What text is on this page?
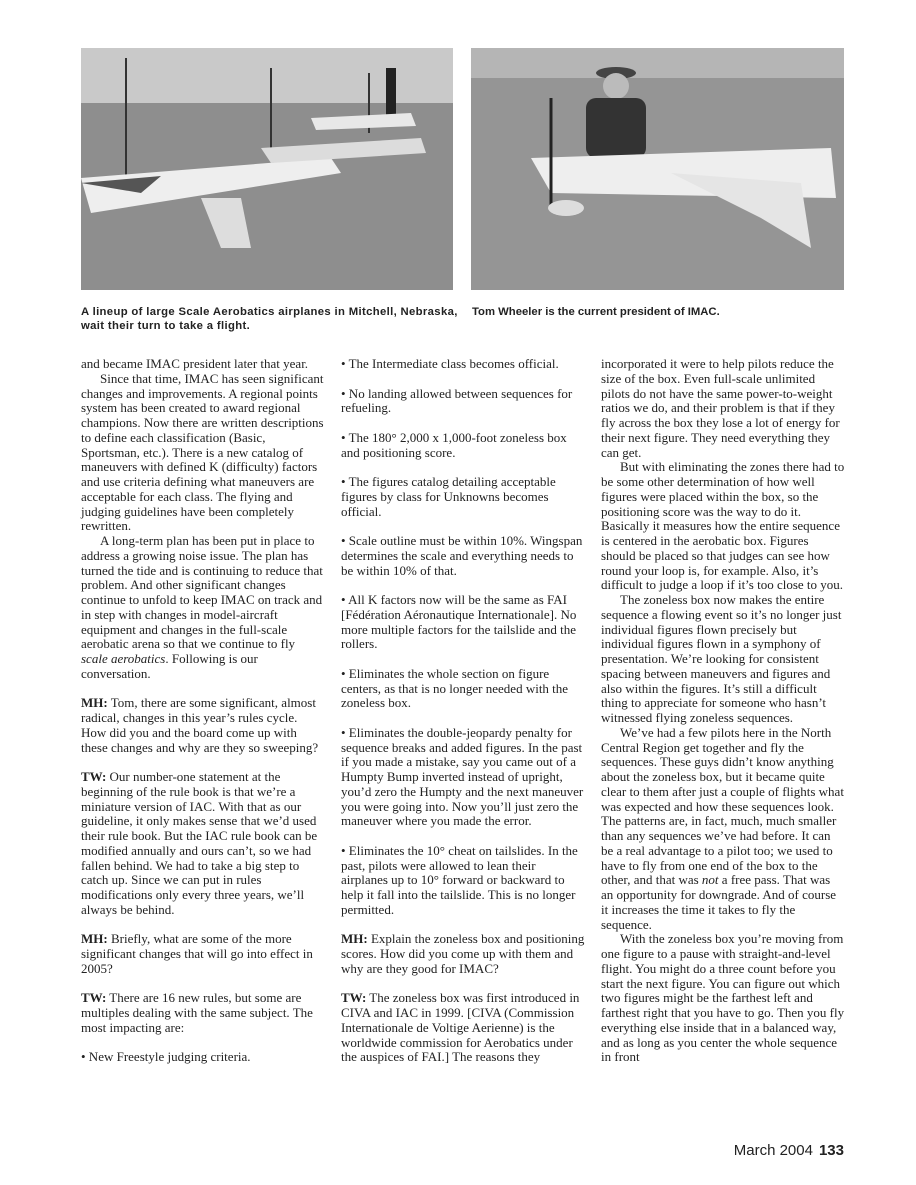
A lineup of large Scale Aerobatics airplanes in Mitchell, Nebraska, wait their turn to take a flight.
Tom Wheeler is the current president of IMAC.

and became IMAC president later that year.

Since that time, IMAC has seen significant changes and improvements. A regional points system has been created to award regional champions. Now there are written descriptions to define each classification (Basic, Sportsman, etc.). There is a new catalog of maneuvers with defined K (difficulty) factors and use criteria defining what maneuvers are acceptable for each class. The flying and judging guidelines have been completely rewritten.

A long-term plan has been put in place to address a growing noise issue. The plan has turned the tide and is continuing to reduce that problem. And other significant changes continue to unfold to keep IMAC on track and in step with changes in model-aircraft equipment and changes in the full-scale aerobatic arena so that we continue to fly scale aerobatics. Following is our conversation.

MH: Tom, there are some significant, almost radical, changes in this year’s rules cycle. How did you and the board come up with these changes and why are they so sweeping?

TW: Our number-one statement at the beginning of the rule book is that we’re a miniature version of IAC. With that as our guideline, it only makes sense that we’d used their rule book. But the IAC rule book can be modified annually and ours can’t, so we had fallen behind. We had to take a big step to catch up. Since we can put in rules modifications only every three years, we’ll always be behind.

MH: Briefly, what are some of the more significant changes that will go into effect in 2005?

TW: There are 16 new rules, but some are multiples dealing with the same subject. The most impacting are:

• New Freestyle judging criteria.

• The Intermediate class becomes official.

• No landing allowed between sequences for refueling.

• The 180° 2,000 x 1,000-foot zoneless box and positioning score.

• The figures catalog detailing acceptable figures by class for Unknowns becomes official.

• Scale outline must be within 10%. Wingspan determines the scale and everything needs to be within 10% of that.

• All K factors now will be the same as FAI [Fédération Aéronautique Internationale]. No more multiple factors for the tailslide and the rollers.

• Eliminates the whole section on figure centers, as that is no longer needed with the zoneless box.

• Eliminates the double-jeopardy penalty for sequence breaks and added figures. In the past if you made a mistake, say you came out of a Humpty Bump inverted instead of upright, you’d zero the Humpty and the next maneuver you were going into. Now you’ll just zero the maneuver where you made the error.

• Eliminates the 10° cheat on tailslides. In the past, pilots were allowed to lean their airplanes up to 10° forward or backward to help it fall into the tailslide. This is no longer permitted.

MH: Explain the zoneless box and positioning scores. How did you come up with them and why are they good for IMAC?

TW: The zoneless box was first introduced in CIVA and IAC in 1999. [CIVA (Commission Internationale de Voltige Aerienne) is the worldwide commission for Aerobatics under the auspices of FAI.] The reasons they

incorporated it were to help pilots reduce the size of the box. Even full-scale unlimited pilots do not have the same power-to-weight ratios we do, and their problem is that if they fly across the box they lose a lot of energy for their next figure. They need everything they can get.

But with eliminating the zones there had to be some other determination of how well figures were placed within the box, so the positioning score was the way to do it. Basically it measures how the entire sequence is centered in the aerobatic box. Figures should be placed so that judges can see how round your loop is, for example. Also, it’s difficult to judge a loop if it’s too close to you.

The zoneless box now makes the entire sequence a flowing event so it’s no longer just individual figures flown precisely but individual figures flown in a symphony of presentation. We’re looking for consistent spacing between maneuvers and figures and also within the figures. It’s still a difficult thing to appreciate for someone who hasn’t witnessed flying zoneless sequences.

We’ve had a few pilots here in the North Central Region get together and fly the sequences. These guys didn’t know anything about the zoneless box, but it became quite clear to them after just a couple of flights what was expected and how these sequences look. The patterns are, in fact, much, much smaller than any sequences we’ve had before. It can be a real advantage to a pilot too; we used to have to fly from one end of the box to the other, and that was not a free pass. That was an opportunity for downgrade. And of course it increases the time it takes to fly the sequence.

With the zoneless box you’re moving from one figure to a pause with straight-and-level flight. You might do a three count before you start the next figure. You can figure out which two figures might be the farthest left and farthest right that you have to go. Then you fly everything else inside that in a balanced way, and as long as you center the whole sequence in front

March 2004 133
